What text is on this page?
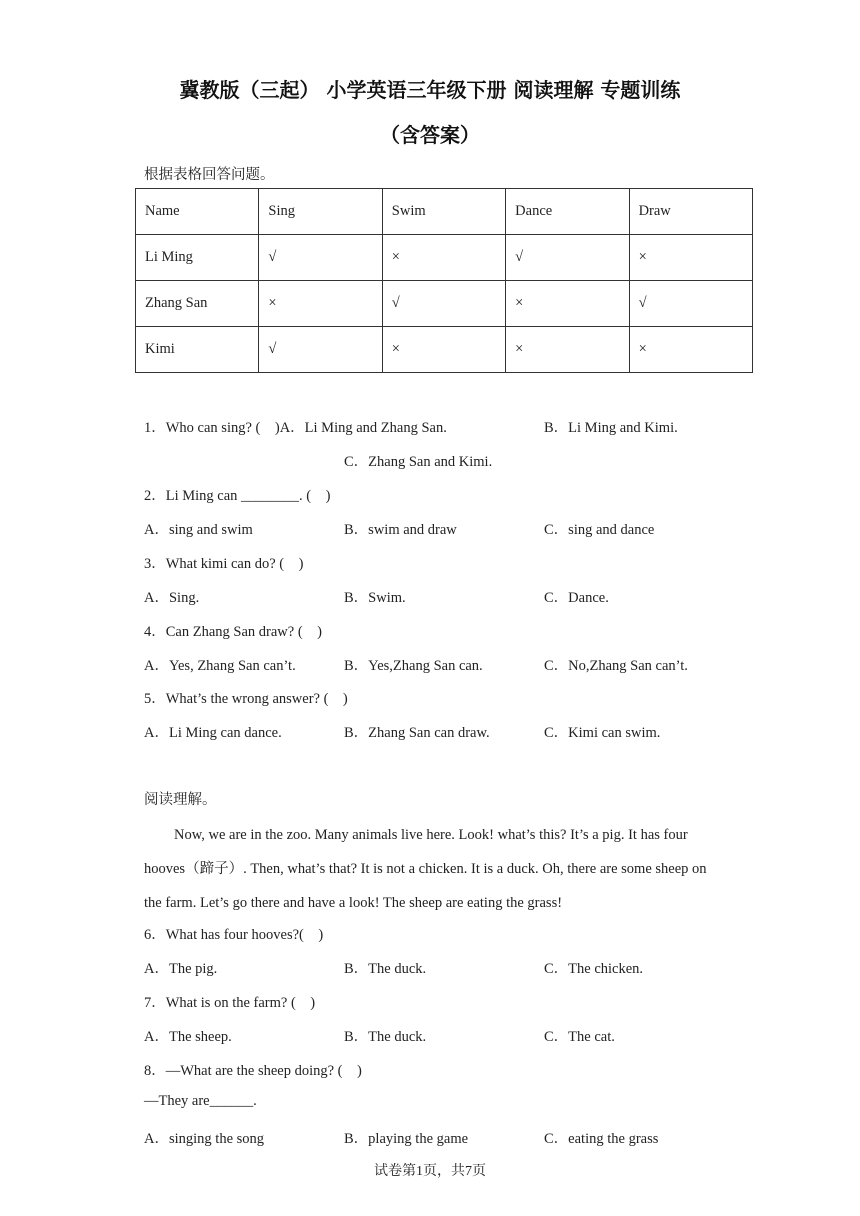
冀教版（三起） 小学英语三年级下册 阅读理解 专题训练
（含答案）
根据表格回答问题。
Name	Sing	Swim	Dance	Draw
Li Ming	√	×	√	×
Zhang San	×	√	×	√
Kimi	√	×	×	×
1．Who can sing? (    )A．Li Ming and Zhang San.	B．Li Ming and Kimi.
C．Zhang San and Kimi.
2．Li Ming can ________. (    )
A．sing and swim	B．swim and draw	C．sing and dance
3．What kimi can do? (    )
A．Sing.	B．Swim.	C．Dance.
4．Can Zhang San draw? (    )
A．Yes, Zhang San can’t.	B．Yes,Zhang San can.	C．No,Zhang San can’t.
5．What’s the wrong answer? (    )
A．Li Ming can dance.	B．Zhang San can draw.	C．Kimi can swim.
阅读理解。
Now, we are in the zoo. Many animals live here. Look! what’s this? It’s a pig. It has four hooves（蹄子）. Then, what’s that? It is not a chicken. It is a duck. Oh, there are some sheep on the farm. Let’s go there and have a look! The sheep are eating the grass!
6．What has four hooves?(    )
A．The pig.	B．The duck.	C．The chicken.
7．What is on the farm? (    )
A．The sheep.	B．The duck.	C．The cat.
8．—What are the sheep doing? (    )
—They are______.
A．singing the song	B．playing the game	C．eating the grass
试卷第1页，共7页
